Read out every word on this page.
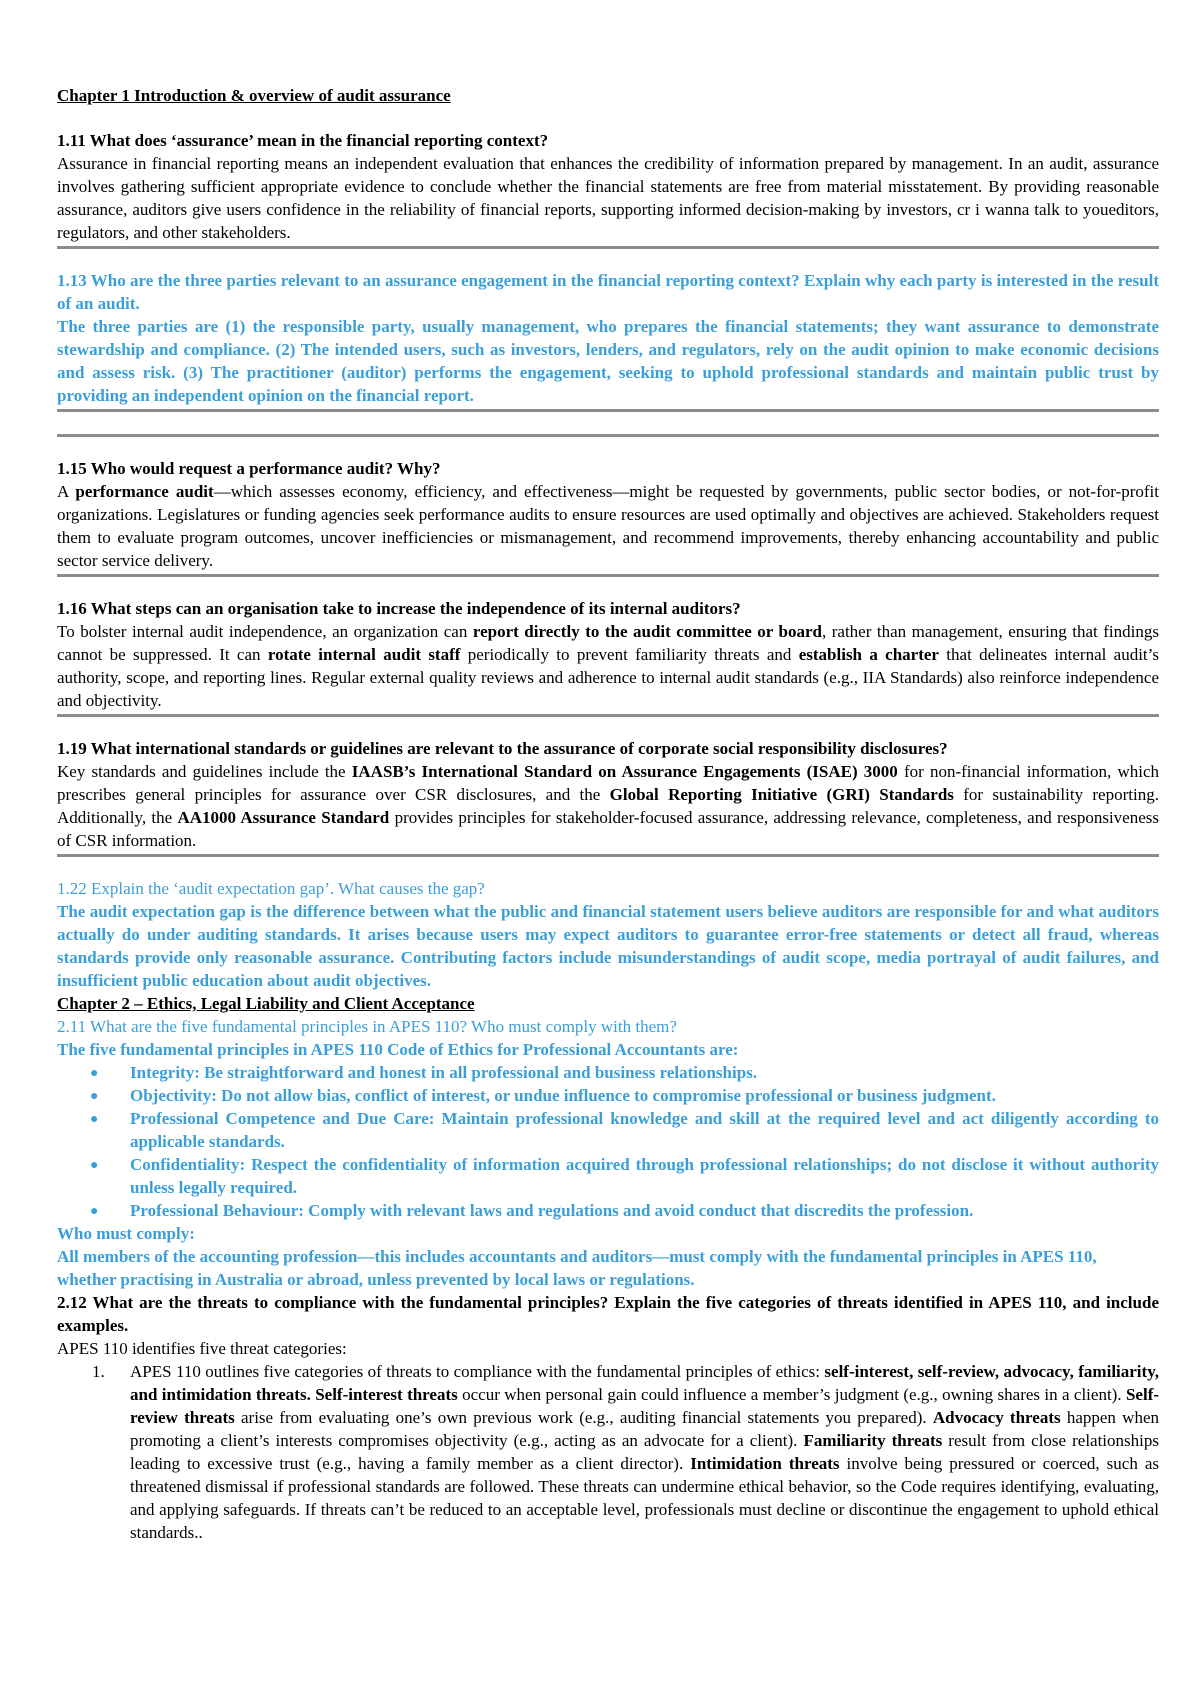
Chapter 1 Introduction & overview of audit assurance

1.11 What does ‘assurance’ mean in the financial reporting context?

Assurance in financial reporting means an independent evaluation that enhances the credibility of information prepared by management. In an audit, assurance involves gathering sufficient appropriate evidence to conclude whether the financial statements are free from material misstatement. By providing reasonable assurance, auditors give users confidence in the reliability of financial reports, supporting informed decision-making by investors, cr i wanna talk to youeditors, regulators, and other stakeholders.

1.13 Who are the three parties relevant to an assurance engagement in the financial reporting context? Explain why each party is interested in the result of an audit.

The three parties are (1) the responsible party, usually management, who prepares the financial statements; they want assurance to demonstrate stewardship and compliance. (2) The intended users, such as investors, lenders, and regulators, rely on the audit opinion to make economic decisions and assess risk. (3) The practitioner (auditor) performs the engagement, seeking to uphold professional standards and maintain public trust by providing an independent opinion on the financial report.

1.15 Who would request a performance audit? Why?

A performance audit—which assesses economy, efficiency, and effectiveness—might be requested by governments, public sector bodies, or not-for-profit organizations. Legislatures or funding agencies seek performance audits to ensure resources are used optimally and objectives are achieved. Stakeholders request them to evaluate program outcomes, uncover inefficiencies or mismanagement, and recommend improvements, thereby enhancing accountability and public sector service delivery.

1.16 What steps can an organisation take to increase the independence of its internal auditors?

To bolster internal audit independence, an organization can report directly to the audit committee or board, rather than management, ensuring that findings cannot be suppressed. It can rotate internal audit staff periodically to prevent familiarity threats and establish a charter that delineates internal audit’s authority, scope, and reporting lines. Regular external quality reviews and adherence to internal audit standards (e.g., IIA Standards) also reinforce independence and objectivity.

1.19 What international standards or guidelines are relevant to the assurance of corporate social responsibility disclosures?

Key standards and guidelines include the IAASB’s International Standard on Assurance Engagements (ISAE) 3000 for non-financial information, which prescribes general principles for assurance over CSR disclosures, and the Global Reporting Initiative (GRI) Standards for sustainability reporting. Additionally, the AA1000 Assurance Standard provides principles for stakeholder-focused assurance, addressing relevance, completeness, and responsiveness of CSR information.

1.22 Explain the ‘audit expectation gap’. What causes the gap?

The audit expectation gap is the difference between what the public and financial statement users believe auditors are responsible for and what auditors actually do under auditing standards. It arises because users may expect auditors to guarantee error-free statements or detect all fraud, whereas standards provide only reasonable assurance. Contributing factors include misunderstandings of audit scope, media portrayal of audit failures, and insufficient public education about audit objectives.

Chapter 2 – Ethics, Legal Liability and Client Acceptance

2.11 What are the five fundamental principles in APES 110? Who must comply with them?

The five fundamental principles in APES 110 Code of Ethics for Professional Accountants are:

● Integrity: Be straightforward and honest in all professional and business relationships.
● Objectivity: Do not allow bias, conflict of interest, or undue influence to compromise professional or business judgment.
● Professional Competence and Due Care: Maintain professional knowledge and skill at the required level and act diligently according to applicable standards.
● Confidentiality: Respect the confidentiality of information acquired through professional relationships; do not disclose it without authority unless legally required.
● Professional Behaviour: Comply with relevant laws and regulations and avoid conduct that discredits the profession.

Who must comply:

All members of the accounting profession—this includes accountants and auditors—must comply with the fundamental principles in APES 110, whether practising in Australia or abroad, unless prevented by local laws or regulations.

2.12 What are the threats to compliance with the fundamental principles? Explain the five categories of threats identified in APES 110, and include examples.

APES 110 identifies five threat categories:

1. APES 110 outlines five categories of threats to compliance with the fundamental principles of ethics: self-interest, self-review, advocacy, familiarity, and intimidation threats. Self-interest threats occur when personal gain could influence a member’s judgment (e.g., owning shares in a client). Self-review threats arise from evaluating one’s own previous work (e.g., auditing financial statements you prepared). Advocacy threats happen when promoting a client’s interests compromises objectivity (e.g., acting as an advocate for a client). Familiarity threats result from close relationships leading to excessive trust (e.g., having a family member as a client director). Intimidation threats involve being pressured or coerced, such as threatened dismissal if professional standards are followed. These threats can undermine ethical behavior, so the Code requires identifying, evaluating, and applying safeguards. If threats can’t be reduced to an acceptable level, professionals must decline or discontinue the engagement to uphold ethical standards..
